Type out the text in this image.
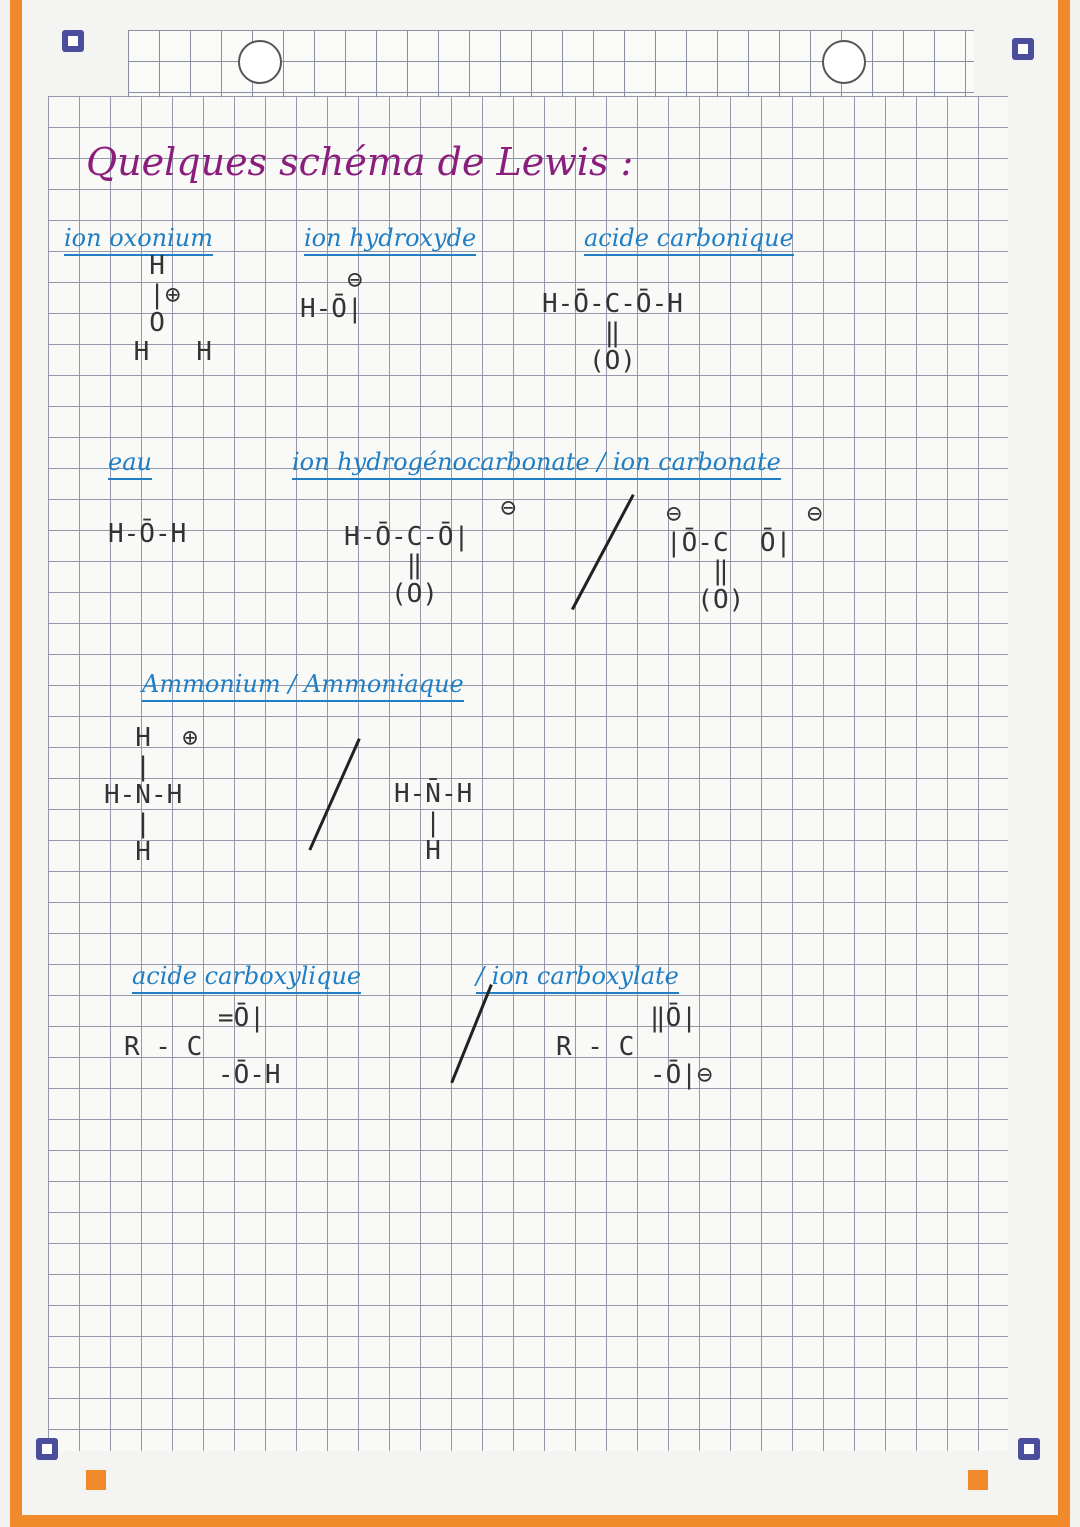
Quelques schéma de Lewis :
ion oxonium	ion hydroxyde	acide carbonique
H
|⊕
O
H   H
⊖
H-Ō|	H-Ō-C-Ō-H
‖
(O)
eau	ion hydrogénocarbonate / ion carbonate
H-Ō-H
⊖
H-Ō-C-Ō|
‖
(O)
⊖        ⊖
|Ō-C  Ō|
‖
(O)
Ammonium / Ammoniaque
H  ⊕
|
H-N-H
|
H
H-N̄-H
|
H
acide carboxylique	/ ion carboxylate
=Ō|
R - C
-Ō-H
‖Ō|
R - C
-Ō|⊖
